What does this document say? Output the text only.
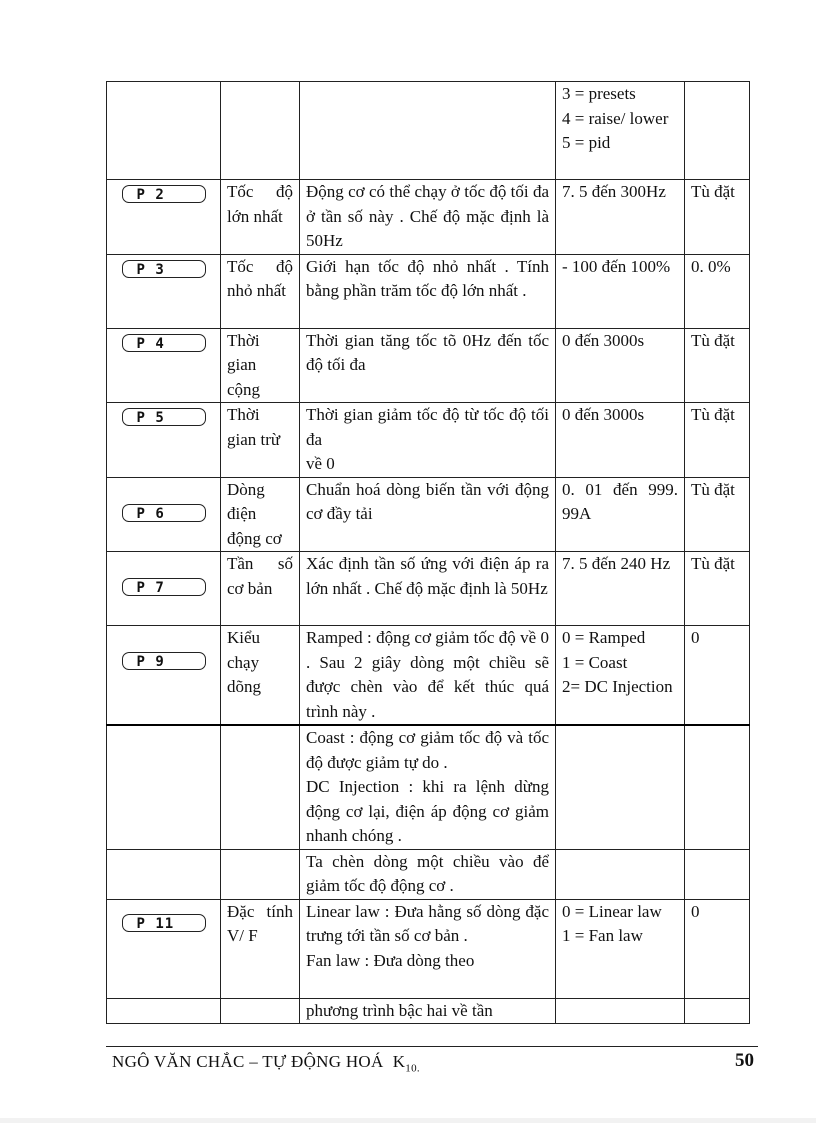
			3 = presets
4 = raise/ lower
5 = pid	

P 2	Tốc độ lớn nhất	Động cơ có thể chạy ở tốc độ tối đa ở tần số này . Chế độ mặc định là 50Hz	7. 5 đến 300Hz	Tù đặt

P 3	Tốc độ nhỏ nhất	Giới hạn tốc độ nhỏ nhất . Tính bằng phần trăm tốc độ lớn nhất .	- 100 đến 100%	0. 0%

P 4	Thời gian cộng	Thời gian tăng tốc tõ 0Hz đến tốc độ tối đa	0 đến 3000s	Tù đặt

P 5	Thời gian trừ	Thời gian giảm tốc độ từ tốc độ tối đa
về 0	0 đến 3000s	Tù đặt

P 6	Dòng điện động cơ	Chuẩn hoá dòng biến tần với động cơ đầy tải	0. 01 đến 999. 99A	Tù đặt

P 7	Tần số cơ bản	Xác định tần số ứng với điện áp ra lớn nhất . Chế độ mặc định là 50Hz	7. 5 đến 240 Hz	Tù đặt

P 9	Kiểu chạy dõng	Ramped : động cơ giảm tốc độ về 0 . Sau 2 giây dòng một chiều sẽ được chèn vào để kết thúc quá trình này .	0 = Ramped
1 = Coast
2= DC Injection	0
		Coast : động cơ giảm tốc độ và tốc độ được giảm tự do .
DC Injection : khi ra lệnh dừng động cơ lại, điện áp động cơ giảm nhanh chóng .		
		Ta chèn dòng một chiều vào để giảm tốc độ động cơ .		

P 11	Đặc tính V/ F	Linear law : Đưa hằng số dòng đặc trưng tới tần số cơ bản .
Fan law : Đưa dòng theo	0 = Linear law
1 = Fan law	0
		phương trình bậc hai về tần		
NGÔ VĂN CHẮC – TỰ ĐỘNG HOÁ $K_{10.}$	50
